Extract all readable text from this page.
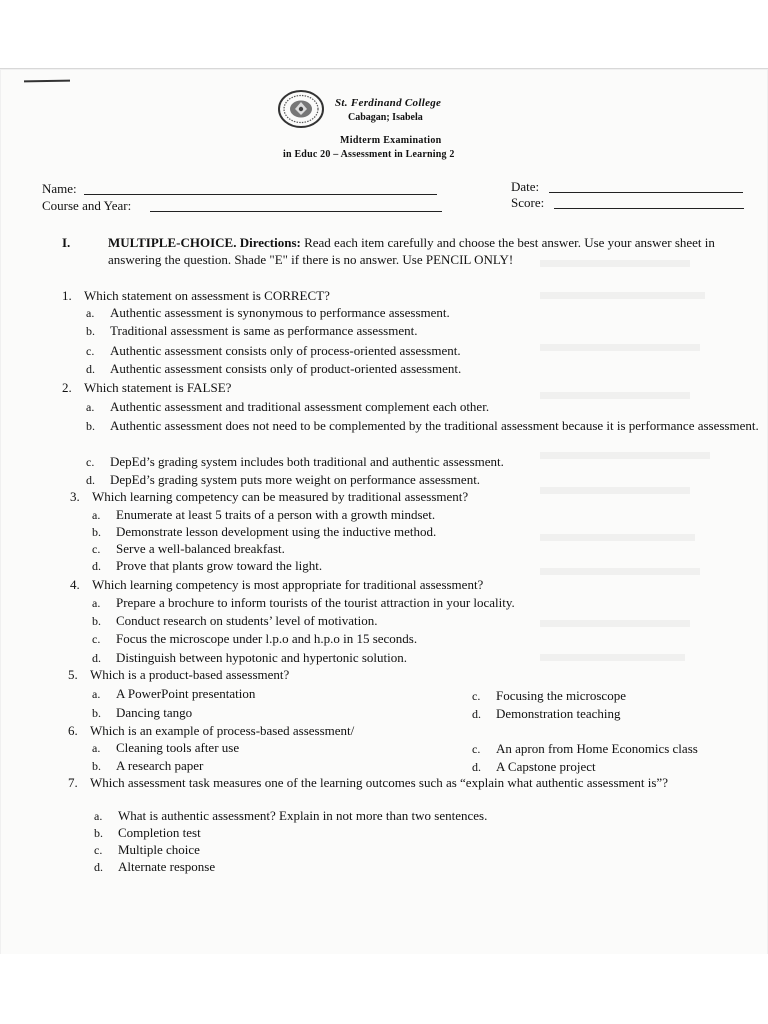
St. Ferdinand College
Cabagan; Isabela
Midterm Examination
in Educ 20 – Assessment in Learning 2
Name:
Course and Year:
Date:
Score:
I.	MULTIPLE-CHOICE. Directions: Read each item carefully and choose the best answer. Use your answer sheet in answering the question. Shade "E" if there is no answer. Use PENCIL ONLY!
1. Which statement on assessment is CORRECT?
a. Authentic assessment is synonymous to performance assessment.
b. Traditional assessment is same as performance assessment.
c. Authentic assessment consists only of process-oriented assessment.
d. Authentic assessment consists only of product-oriented assessment.
2. Which statement is FALSE?
a. Authentic assessment and traditional assessment complement each other.
b.	Authentic assessment does not need to be complemented by the traditional assessment because it is performance assessment.
c. DepEd’s grading system includes both traditional and authentic assessment.
d. DepEd’s grading system puts more weight on performance assessment.
3. Which learning competency can be measured by traditional assessment?
a. Enumerate at least 5 traits of a person with a growth mindset.
b. Demonstrate lesson development using the inductive method.
c. Serve a well-balanced breakfast.
d. Prove that plants grow toward the light.
4. Which learning competency is most appropriate for traditional assessment?
a. Prepare a brochure to inform tourists of the tourist attraction in your locality.
b. Conduct research on students’ level of motivation.
c. Focus the microscope under l.p.o and h.p.o in 15 seconds.
d. Distinguish between hypotonic and hypertonic solution.
5. Which is a product-based assessment?
a. A PowerPoint presentation
b. Dancing tango
c. Focusing the microscope
d. Demonstration teaching
6. Which is an example of process-based assessment/
a. Cleaning tools after use
b. A research paper
c. An apron from Home Economics class
d. A Capstone project
7. Which assessment task measures one of the learning outcomes such as “explain what authentic assessment is”?
a. What is authentic assessment? Explain in not more than two sentences.
b. Completion test
c. Multiple choice
d. Alternate response
